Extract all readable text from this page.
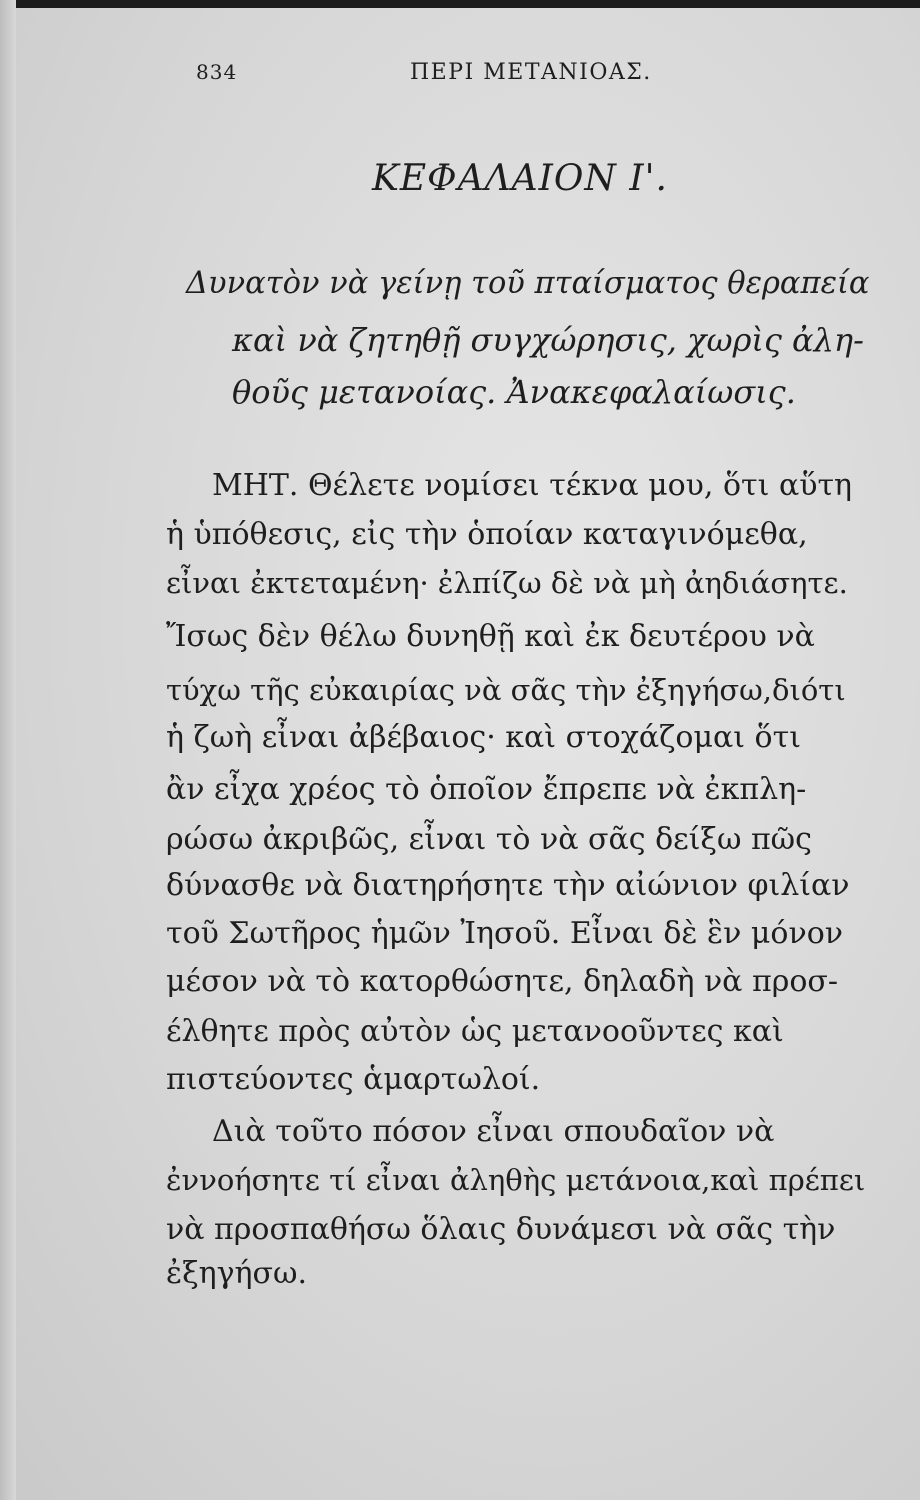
834	ΠΕΡΙ ΜΕΤΑΝΙΟΑΣ.
ΚΕΦΑΛΑΙΟΝ Ι'.
Δυνατὸν νὰ γείνῃ τοῦ πταίσματος θεραπεία
καὶ νὰ ζητηθῇ συγχώρησις, χωρὶς ἀλη-
θοῦς μετανοίας. Ἀνακεφαλαίωσις.
ΜΗΤ. Θέλετε νομίσει τέκνα μου, ὅτι αὕτη
ἡ ὑπόθεσις, εἰς τὴν ὁποίαν καταγινόμεθα,
εἶναι ἐκτεταμένη· ἐλπίζω δὲ νὰ μὴ ἀηδιάσητε.
Ἴσως δὲν θέλω δυνηθῇ καὶ ἐκ δευτέρου νὰ
τύχω τῆς εὐκαιρίας νὰ σᾶς τὴν ἐξηγήσω,διότι
ἡ ζωὴ εἶναι ἀβέβαιος· καὶ στοχάζομαι ὅτι
ἂν εἶχα χρέος τὸ ὁποῖον ἔπρεπε νὰ ἐκπλη-
ρώσω ἀκριβῶς, εἶναι τὸ νὰ σᾶς δείξω πῶς
δύνασθε νὰ διατηρήσητε τὴν αἰώνιον φιλίαν
τοῦ Σωτῆρος ἡμῶν Ἰησοῦ. Εἶναι δὲ ἓν μόνον
μέσον νὰ τὸ κατορθώσητε, δηλαδὴ νὰ προσ-
έλθητε πρὸς αὐτὸν ὡς μετανοοῦντες καὶ
πιστεύοντες ἁμαρτωλοί.
Διὰ τοῦτο πόσον εἶναι σπουδαῖον νὰ
ἐννοήσητε τί εἶναι ἀληθὴς μετάνοια,καὶ πρέπει
νὰ προσπαθήσω ὅλαις δυνάμεσι νὰ σᾶς τὴν
ἐξηγήσω.
